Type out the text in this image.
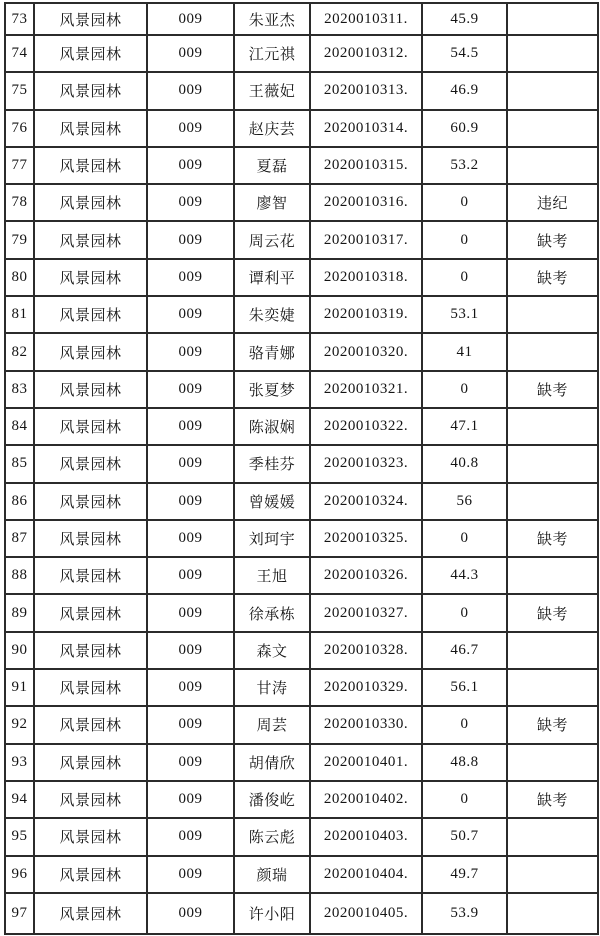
73	风景园林	009	朱亚杰	2020010311.	45.9	
74	风景园林	009	江元祺	2020010312.	54.5	
75	风景园林	009	王薇妃	2020010313.	46.9	
76	风景园林	009	赵庆芸	2020010314.	60.9	
77	风景园林	009	夏磊	2020010315.	53.2	
78	风景园林	009	廖智	2020010316.	0	违纪
79	风景园林	009	周云花	2020010317.	0	缺考
80	风景园林	009	谭利平	2020010318.	0	缺考
81	风景园林	009	朱奕婕	2020010319.	53.1	
82	风景园林	009	骆青娜	2020010320.	41	
83	风景园林	009	张夏梦	2020010321.	0	缺考
84	风景园林	009	陈淑娴	2020010322.	47.1	
85	风景园林	009	季桂芬	2020010323.	40.8	
86	风景园林	009	曾媛媛	2020010324.	56	
87	风景园林	009	刘珂宇	2020010325.	0	缺考
88	风景园林	009	王旭	2020010326.	44.3	
89	风景园林	009	徐承栋	2020010327.	0	缺考
90	风景园林	009	森文	2020010328.	46.7	
91	风景园林	009	甘涛	2020010329.	56.1	
92	风景园林	009	周芸	2020010330.	0	缺考
93	风景园林	009	胡倩欣	2020010401.	48.8	
94	风景园林	009	潘俊屹	2020010402.	0	缺考
95	风景园林	009	陈云彪	2020010403.	50.7	
96	风景园林	009	颜瑞	2020010404.	49.7	
97	风景园林	009	许小阳	2020010405.	53.9	
